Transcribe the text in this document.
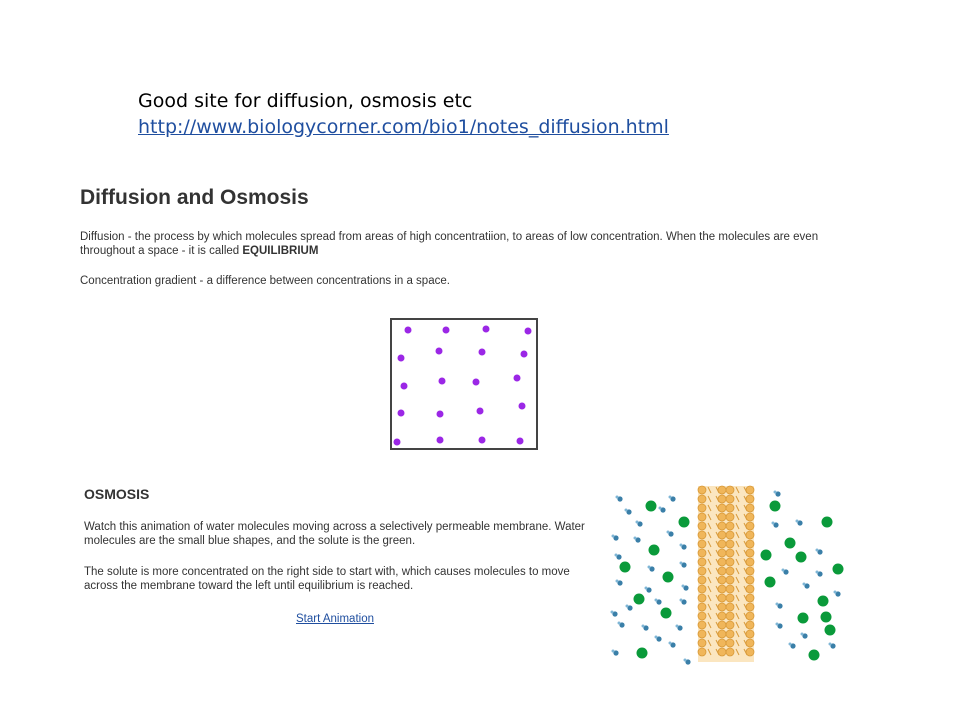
Good site for diffusion, osmosis etc
http://www.biologycorner.com/bio1/notes_diffusion.html
Diffusion and Osmosis
Diffusion - the process by which molecules spread from areas of high concentratiion, to areas of low concentration. When the molecules are even throughout a space - it is called EQUILIBRIUM
Concentration gradient - a difference between concentrations in a space.
OSMOSIS
Watch this animation of water molecules moving across a selectively permeable membrane. Water molecules are the small blue shapes, and the solute is the green.
The solute is more concentrated on the right side to start with, which causes molecules to move across the membrane toward the left until equilibrium is reached.
Start Animation
